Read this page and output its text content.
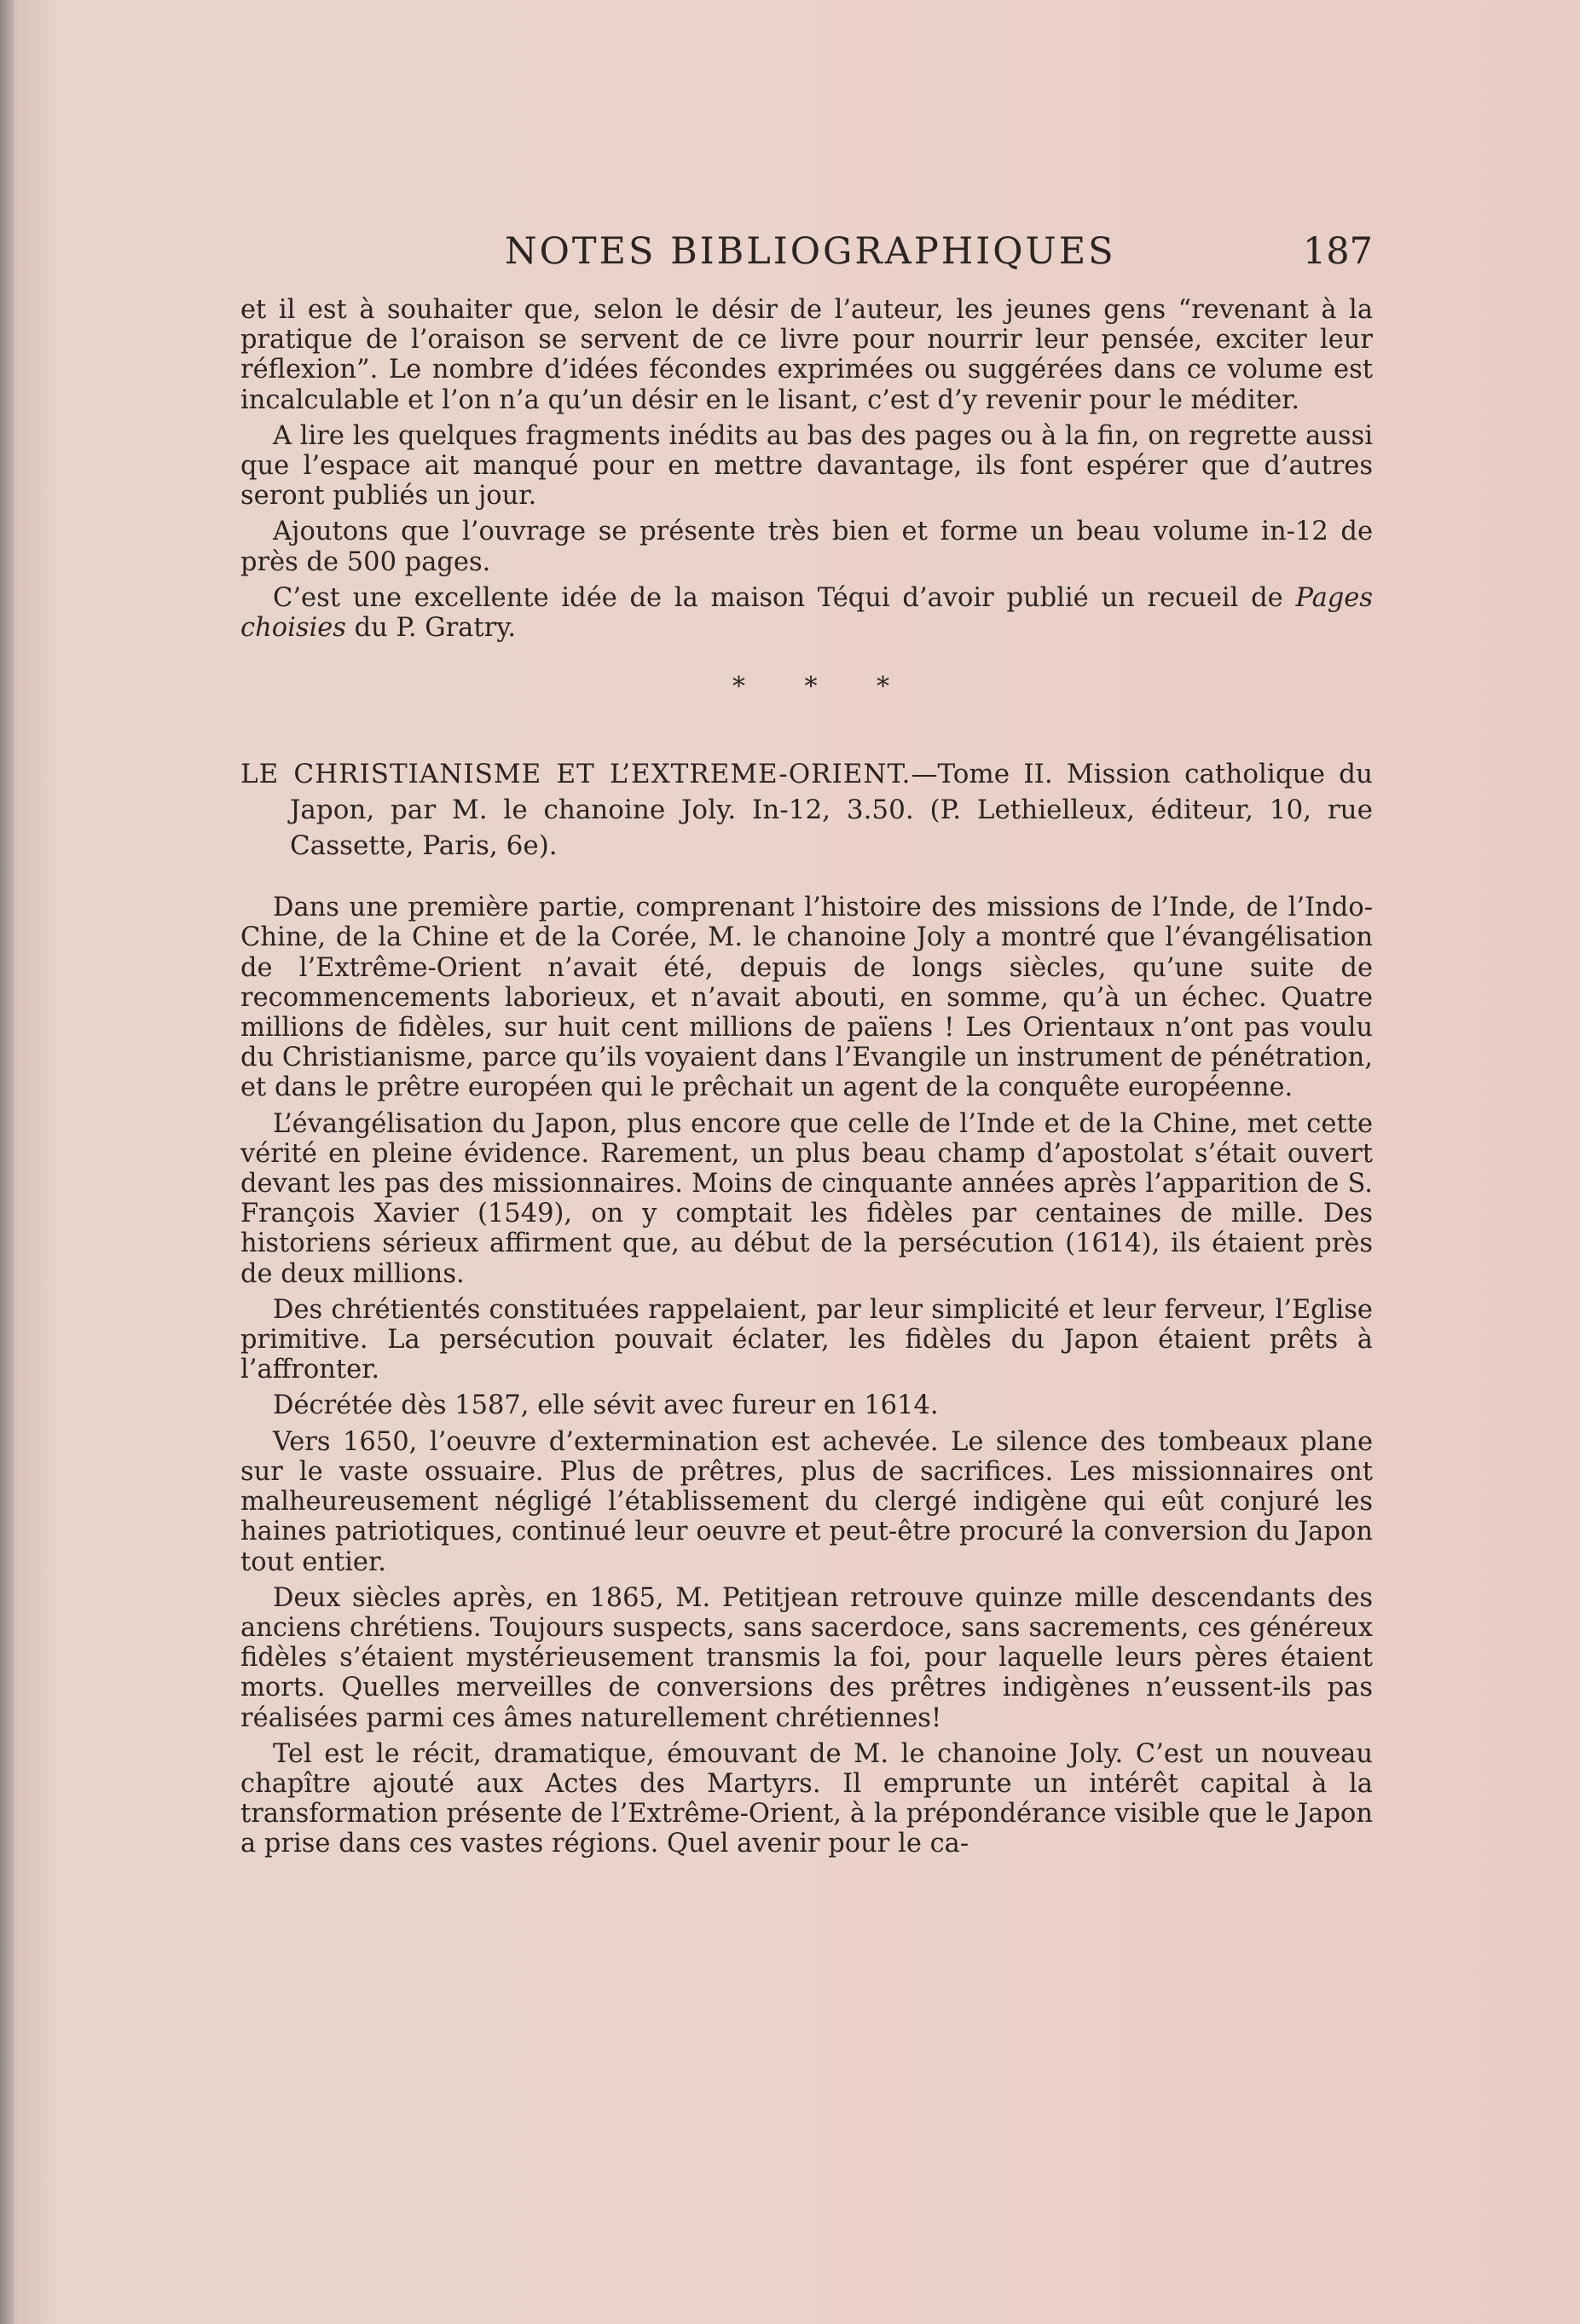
NOTES BIBLIOGRAPHIQUES	187

et il est à souhaiter que, selon le désir de l’auteur, les jeunes gens “revenant à la pratique de l’oraison se servent de ce livre pour nourrir leur pensée, exciter leur réflexion”. Le nombre d’idées fécondes exprimées ou suggérées dans ce volume est incalculable et l’on n’a qu’un désir en le lisant, c’est d’y revenir pour le méditer.

A lire les quelques fragments inédits au bas des pages ou à la fin, on regrette aussi que l’espace ait manqué pour en mettre davantage, ils font espérer que d’autres seront publiés un jour.

Ajoutons que l’ouvrage se présente très bien et forme un beau volume in-12 de près de 500 pages.

C’est une excellente idée de la maison Téqui d’avoir publié un recueil de Pages choisies du P. Gratry.

* * *
LE CHRISTIANISME ET L’EXTREME-ORIENT.—Tome II. Mission catholique du Japon, par M. le chanoine Joly. In-12, 3.50. (P. Lethielleux, éditeur, 10, rue Cassette, Paris, 6e).

Dans une première partie, comprenant l’histoire des missions de l’Inde, de l’Indo-Chine, de la Chine et de la Corée, M. le chanoine Joly a montré que l’évangélisation de l’Extrême-Orient n’avait été, depuis de longs siècles, qu’une suite de recommencements laborieux, et n’avait abouti, en somme, qu’à un échec. Quatre millions de fidèles, sur huit cent millions de païens ! Les Orientaux n’ont pas voulu du Christianisme, parce qu’ils voyaient dans l’Evangile un instrument de pénétration, et dans le prêtre européen qui le prêchait un agent de la conquête européenne.

L’évangélisation du Japon, plus encore que celle de l’Inde et de la Chine, met cette vérité en pleine évidence. Rarement, un plus beau champ d’apostolat s’était ouvert devant les pas des missionnaires. Moins de cinquante années après l’apparition de S. François Xavier (1549), on y comptait les fidèles par centaines de mille. Des historiens sérieux affirment que, au début de la persécution (1614), ils étaient près de deux millions.

Des chrétientés constituées rappelaient, par leur simplicité et leur ferveur, l’Eglise primitive. La persécution pouvait éclater, les fidèles du Japon étaient prêts à l’affronter.

Décrétée dès 1587, elle sévit avec fureur en 1614.

Vers 1650, l’oeuvre d’extermination est achevée. Le silence des tombeaux plane sur le vaste ossuaire. Plus de prêtres, plus de sacrifices. Les missionnaires ont malheureusement négligé l’établissement du clergé indigène qui eût conjuré les haines patriotiques, continué leur oeuvre et peut-être procuré la conversion du Japon tout entier.

Deux siècles après, en 1865, M. Petitjean retrouve quinze mille descendants des anciens chrétiens. Toujours suspects, sans sacerdoce, sans sacrements, ces généreux fidèles s’étaient mystérieusement transmis la foi, pour laquelle leurs pères étaient morts. Quelles merveilles de conversions des prêtres indigènes n’eussent-ils pas réalisées parmi ces âmes naturellement chrétiennes!

Tel est le récit, dramatique, émouvant de M. le chanoine Joly. C’est un nouveau chapître ajouté aux Actes des Martyrs. Il emprunte un intérêt capital à la transformation présente de l’Extrême-Orient, à la prépondérance visible que le Japon a prise dans ces vastes régions. Quel avenir pour le ca-
